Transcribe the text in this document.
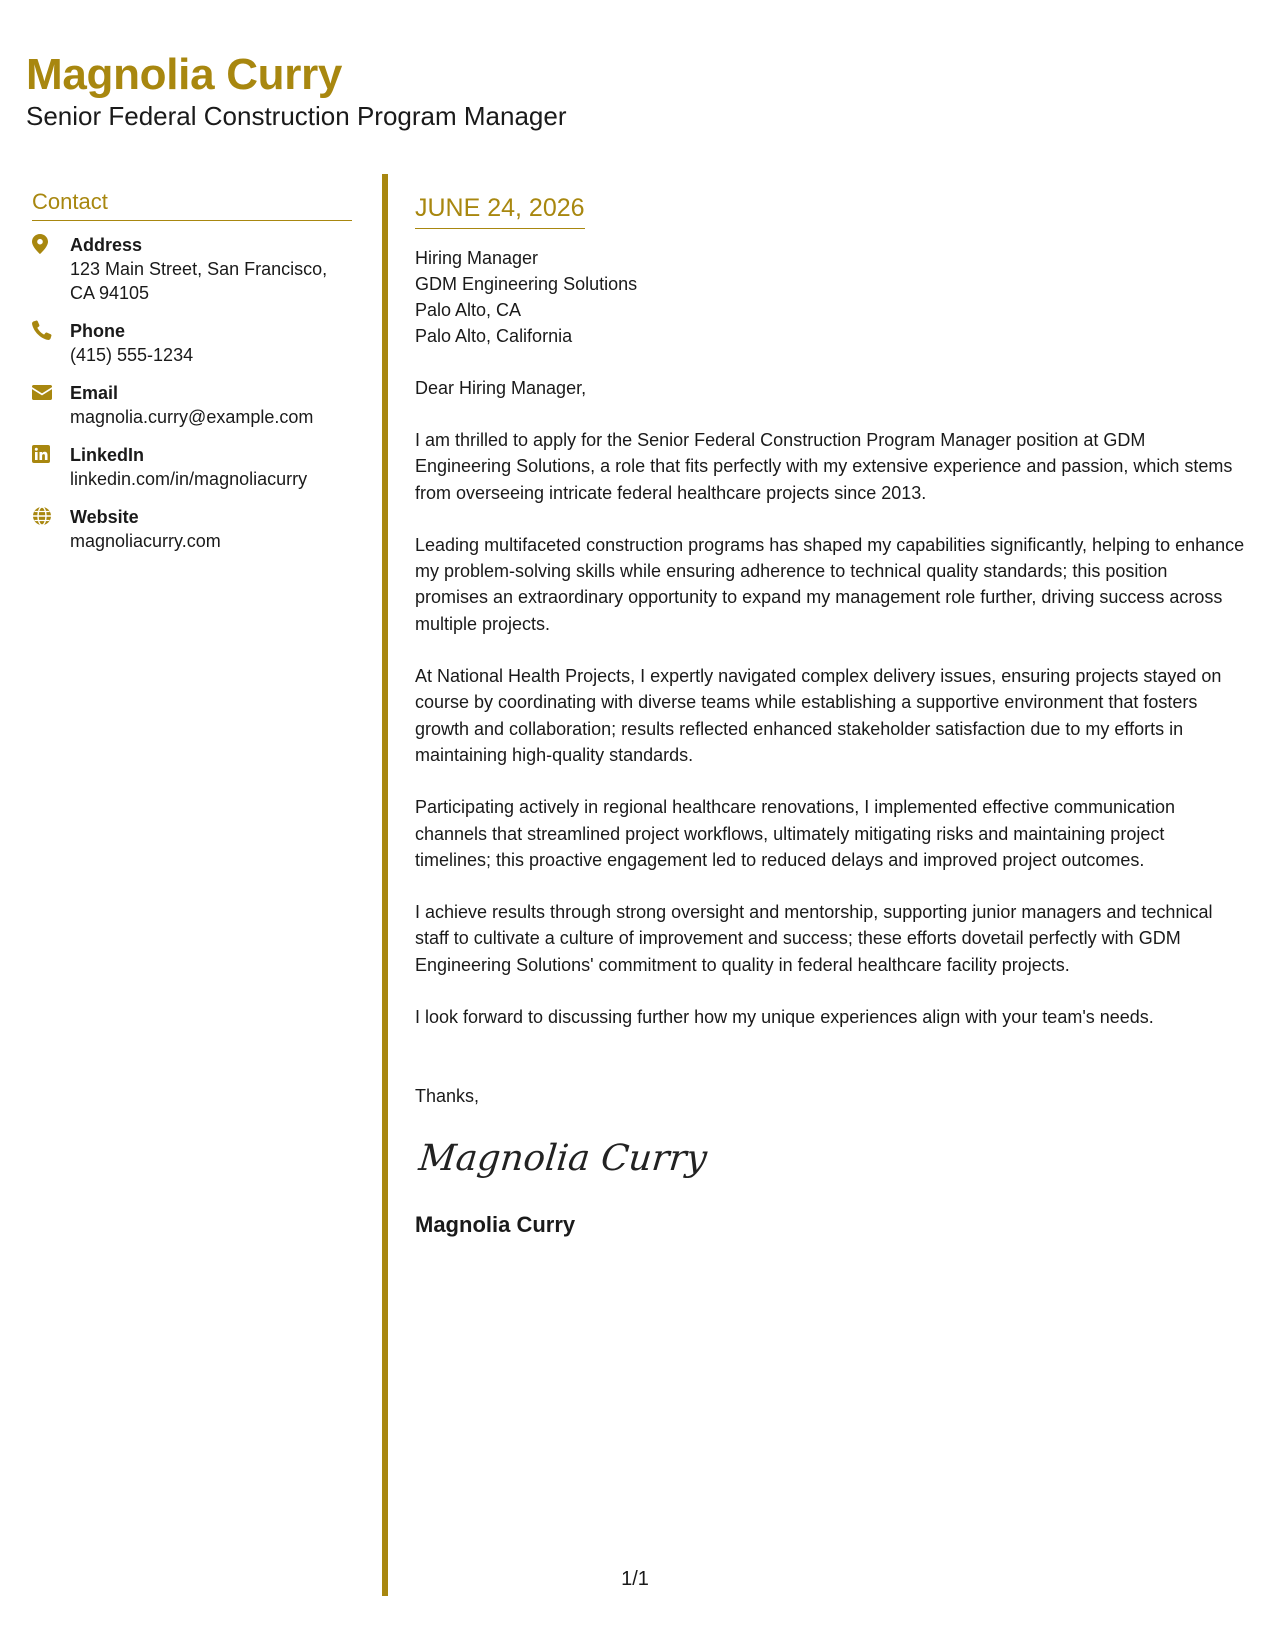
Magnolia Curry
Senior Federal Construction Program Manager
Contact
Address
123 Main Street, San Francisco, CA 94105
Phone
(415) 555-1234
Email
magnolia.curry@example.com
LinkedIn
linkedin.com/in/magnoliacurry
Website
magnoliacurry.com
JUNE 24, 2026
Hiring Manager
GDM Engineering Solutions
Palo Alto, CA
Palo Alto, California
Dear Hiring Manager,
I am thrilled to apply for the Senior Federal Construction Program Manager position at GDM Engineering Solutions, a role that fits perfectly with my extensive experience and passion, which stems from overseeing intricate federal healthcare projects since 2013.
Leading multifaceted construction programs has shaped my capabilities significantly, helping to enhance my problem-solving skills while ensuring adherence to technical quality standards; this position promises an extraordinary opportunity to expand my management role further, driving success across multiple projects.
At National Health Projects, I expertly navigated complex delivery issues, ensuring projects stayed on course by coordinating with diverse teams while establishing a supportive environment that fosters growth and collaboration; results reflected enhanced stakeholder satisfaction due to my efforts in maintaining high-quality standards.
Participating actively in regional healthcare renovations, I implemented effective communication channels that streamlined project workflows, ultimately mitigating risks and maintaining project timelines; this proactive engagement led to reduced delays and improved project outcomes.
I achieve results through strong oversight and mentorship, supporting junior managers and technical staff to cultivate a culture of improvement and success; these efforts dovetail perfectly with GDM Engineering Solutions' commitment to quality in federal healthcare facility projects.
I look forward to discussing further how my unique experiences align with your team's needs.
Thanks,
Magnolia Curry
Magnolia Curry
1/1
